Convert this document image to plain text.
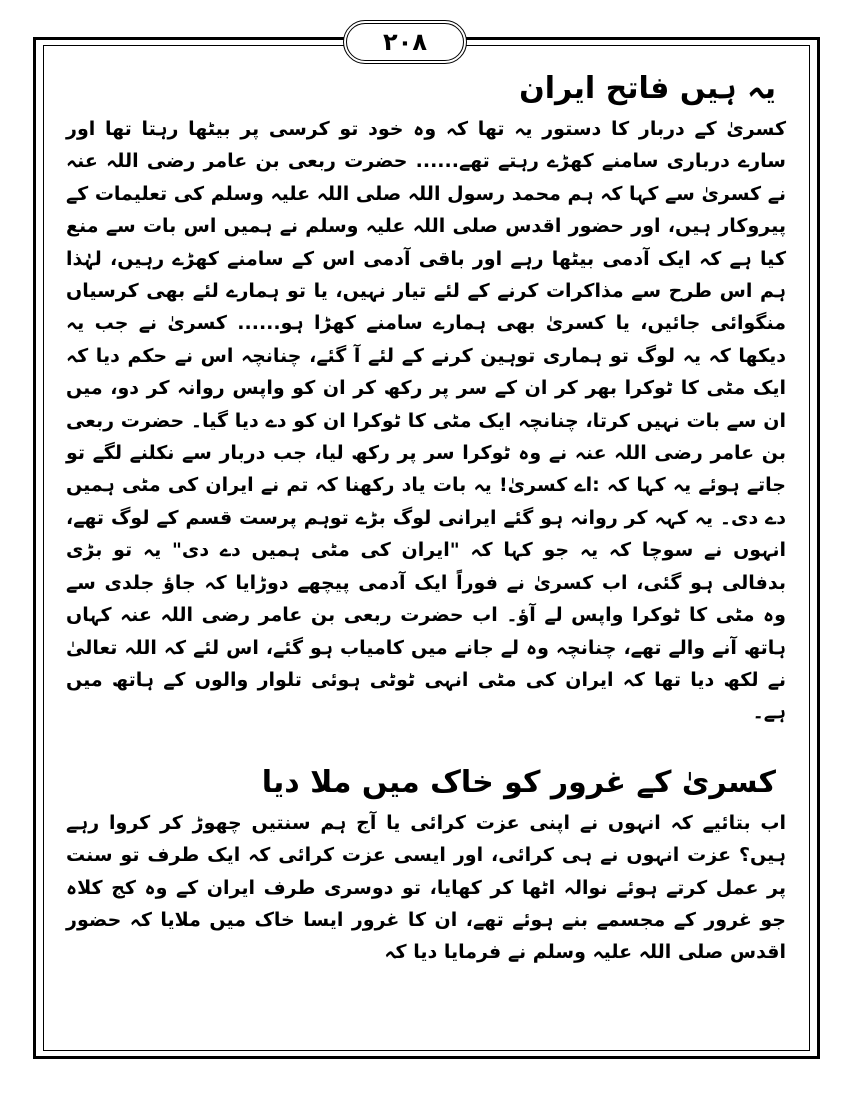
۲۰۸
یہ ہیں فاتح ایران

کسریٰ کے دربار کا دستور یہ تھا کہ وہ خود تو کرسی پر بیٹھا رہتا تھا اور سارے درباری سامنے کھڑے رہتے تھے...... حضرت ربعی بن عامر رضی اللہ عنہ نے کسریٰ سے کہا کہ ہم محمد رسول اللہ صلی اللہ علیہ وسلم کی تعلیمات کے پیروکار ہیں، اور حضور اقدس صلی اللہ علیہ وسلم نے ہمیں اس بات سے منع کیا ہے کہ ایک آدمی بیٹھا رہے اور باقی آدمی اس کے سامنے کھڑے رہیں، لہٰذا ہم اس طرح سے مذاکرات کرنے کے لئے تیار نہیں، یا تو ہمارے لئے بھی کرسیاں منگوائی جائیں، یا کسریٰ بھی ہمارے سامنے کھڑا ہو...... کسریٰ نے جب یہ دیکھا کہ یہ لوگ تو ہماری توہین کرنے کے لئے آ گئے، چنانچہ اس نے حکم دیا کہ ایک مٹی کا ٹوکرا بھر کر ان کے سر پر رکھ کر ان کو واپس روانہ کر دو، میں ان سے بات نہیں کرتا، چنانچہ ایک مٹی کا ٹوکرا ان کو دے دیا گیا۔ حضرت ربعی بن عامر رضی اللہ عنہ نے وہ ٹوکرا سر پر رکھ لیا، جب دربار سے نکلنے لگے تو جاتے ہوئے یہ کہا کہ :اے کسریٰ! یہ بات یاد رکھنا کہ تم نے ایران کی مٹی ہمیں دے دی۔ یہ کہہ کر روانہ ہو گئے ایرانی لوگ بڑے توہم پرست قسم کے لوگ تھے، انہوں نے سوچا کہ یہ جو کہا کہ "ایران کی مٹی ہمیں دے دی" یہ تو بڑی بدفالی ہو گئی، اب کسریٰ نے فوراً ایک آدمی پیچھے دوڑایا کہ جاؤ جلدی سے وہ مٹی کا ٹوکرا واپس لے آؤ۔ اب حضرت ربعی بن عامر رضی اللہ عنہ کہاں ہاتھ آنے والے تھے، چنانچہ وہ لے جانے میں کامیاب ہو گئے، اس لئے کہ اللہ تعالیٰ نے لکھ دیا تھا کہ ایران کی مٹی انہی ٹوٹی ہوئی تلوار والوں کے ہاتھ میں ہے۔

کسریٰ کے غرور کو خاک میں ملا دیا

اب بتائیے کہ انہوں نے اپنی عزت کرائی یا آج ہم سنتیں چھوڑ کر کروا رہے ہیں؟ عزت انہوں نے ہی کرائی، اور ایسی عزت کرائی کہ ایک طرف تو سنت پر عمل کرتے ہوئے نوالہ اٹھا کر کھایا، تو دوسری طرف ایران کے وہ کج کلاہ جو غرور کے مجسمے بنے ہوئے تھے، ان کا غرور ایسا خاک میں ملایا کہ حضور اقدس صلی اللہ علیہ وسلم نے فرمایا دیا کہ
